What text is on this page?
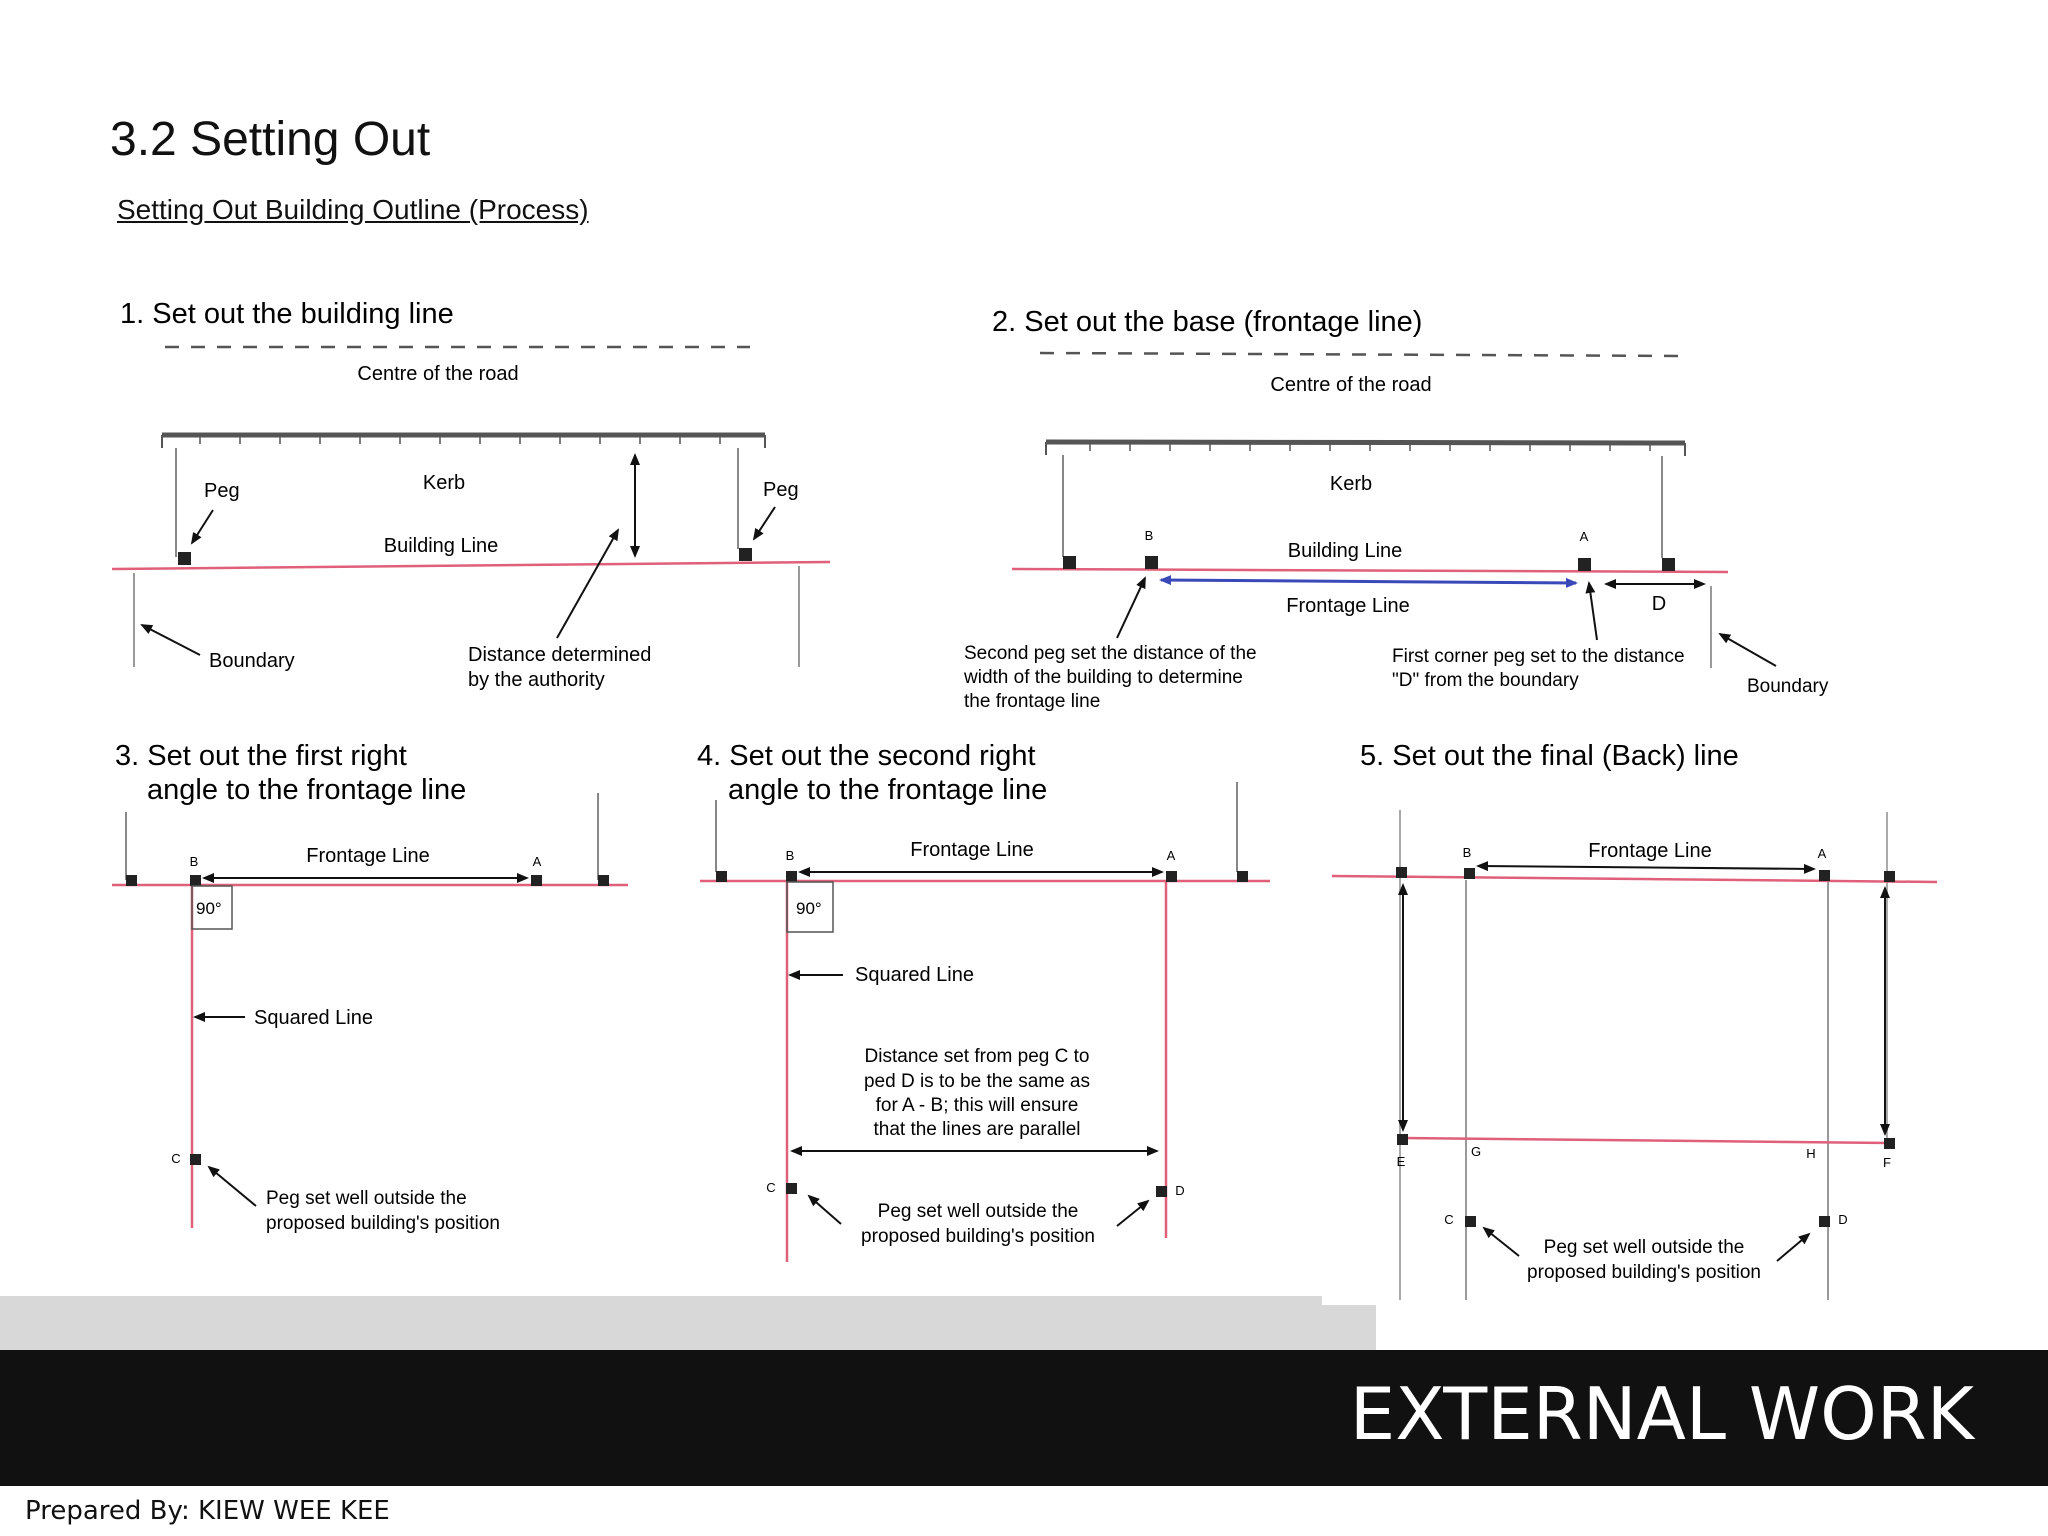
3.2 Setting Out
Setting Out Building Outline (Process)
1. Set out the building line
Centre of the road
Kerb
Peg	Peg
Building Line
Boundary	Distance determined
by the authority
2. Set out the base (frontage line)
Centre of the road
Kerb
B	A
Building Line
Frontage Line	D
Second peg set the distance of the
width of the building to determine
the frontage line
First corner peg set to the distance
"D" from the boundary	Boundary
3. Set out the first right
angle to the frontage line
B	A
Frontage Line
90°
Squared Line
C
Peg set well outside the
proposed building's position
4. Set out the second right
angle to the frontage line
B	A
Frontage Line
90°
Squared Line
Distance set from peg C to
ped D is to be the same as
for A - B; this will ensure
that the lines are parallel
C	D
Peg set well outside the
proposed building's position
5. Set out the final (Back) line
B	A
Frontage Line
E
G	H
F
C	D
Peg set well outside the
proposed building's position
EXTERNAL WORK
Prepared By: KIEW WEE KEE
